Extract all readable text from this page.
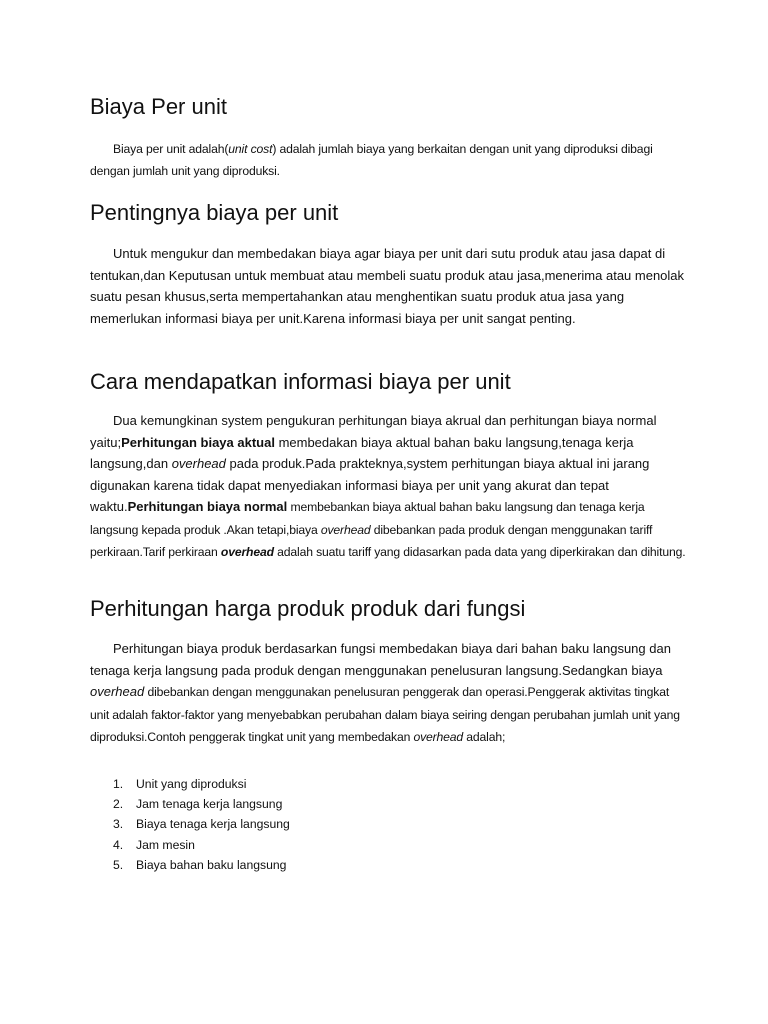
Biaya Per unit

Biaya per unit adalah(unit cost) adalah jumlah biaya yang berkaitan dengan unit yang diproduksi dibagi dengan jumlah unit yang diproduksi.

Pentingnya biaya per unit

Untuk mengukur dan membedakan biaya agar biaya per unit dari sutu produk atau jasa dapat di tentukan,dan Keputusan untuk membuat atau membeli suatu produk atau jasa,menerima atau menolak suatu pesan khusus,serta mempertahankan atau menghentikan suatu produk atua jasa yang memerlukan informasi biaya per unit.Karena informasi biaya per unit sangat penting.

Cara mendapatkan informasi biaya per unit

Dua kemungkinan system pengukuran perhitungan biaya akrual dan perhitungan biaya normal yaitu;Perhitungan biaya aktual membedakan biaya aktual bahan baku langsung,tenaga kerja langsung,dan overhead pada produk.Pada prakteknya,system perhitungan biaya aktual ini jarang digunakan karena tidak dapat menyediakan informasi biaya per unit yang akurat dan tepat waktu.Perhitungan biaya normal membebankan biaya aktual bahan baku langsung dan tenaga kerja langsung kepada produk .Akan tetapi,biaya overhead dibebankan pada produk dengan menggunakan tariff perkiraan.Tarif perkiraan overhead adalah suatu tariff yang didasarkan pada data yang diperkirakan dan dihitung.

Perhitungan harga produk produk dari fungsi

Perhitungan biaya produk berdasarkan fungsi membedakan biaya dari bahan baku langsung dan tenaga kerja langsung pada produk dengan menggunakan penelusuran langsung.Sedangkan biaya overhead dibebankan dengan menggunakan penelusuran penggerak dan operasi.Penggerak aktivitas tingkat unit adalah faktor-faktor yang menyebabkan perubahan dalam biaya seiring dengan perubahan jumlah unit yang diproduksi.Contoh penggerak tingkat unit yang membedakan overhead adalah;

1. Unit yang diproduksi
2. Jam tenaga kerja langsung
3. Biaya tenaga kerja langsung
4. Jam mesin
5. Biaya bahan baku langsung
